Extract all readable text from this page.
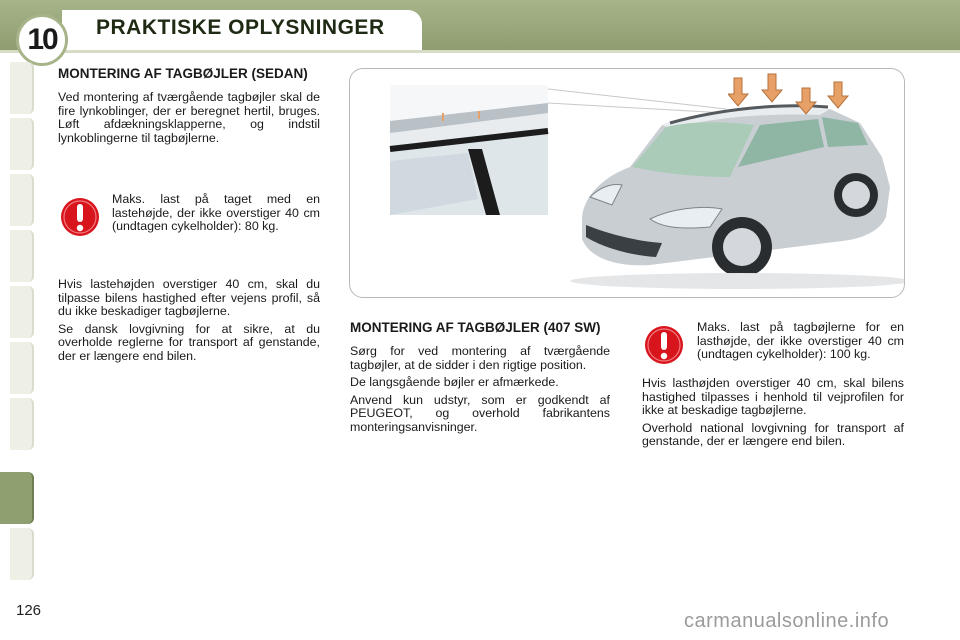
10 PRAKTISKE OPLYSNINGER
MONTERING AF TAGBØJLER (SEDAN)

Ved montering af tværgående tagbøjler skal de fire lynkoblinger, der er beregnet hertil, bruges. Løft afdækningsklapperne, og indstil lynkoblingerne til tagbøjlerne.

Maks. last på taget med en lastehøjde, der ikke overstiger 40 cm (undtagen cykelholder): 80 kg.

Hvis lastehøjden overstiger 40 cm, skal du tilpasse bilens hastighed efter vejens profil, så du ikke beskadiger tagbøjlerne.

Se dansk lovgivning for at sikre, at du overholde reglerne for transport af genstande, der er længere end bilen.

MONTERING AF TAGBØJLER (407 SW)

Sørg for ved montering af tværgående tagbøjler, at de sidder i den rigtige position.

De langsgående bøjler er afmærkede.

Anvend kun udstyr, som er godkendt af PEUGEOT, og overhold fabrikantens monteringsanvisninger.

Maks. last på tagbøjlerne for en lasthøjde, der ikke overstiger 40 cm (undtagen cykelholder): 100 kg.

Hvis lasthøjden overstiger 40 cm, skal bilens hastighed tilpasses i henhold til vejprofilen for ikke at beskadige tagbøjlerne.

Overhold national lovgivning for transport af genstande, der er længere end bilen.

126	carmanualsonline.info
